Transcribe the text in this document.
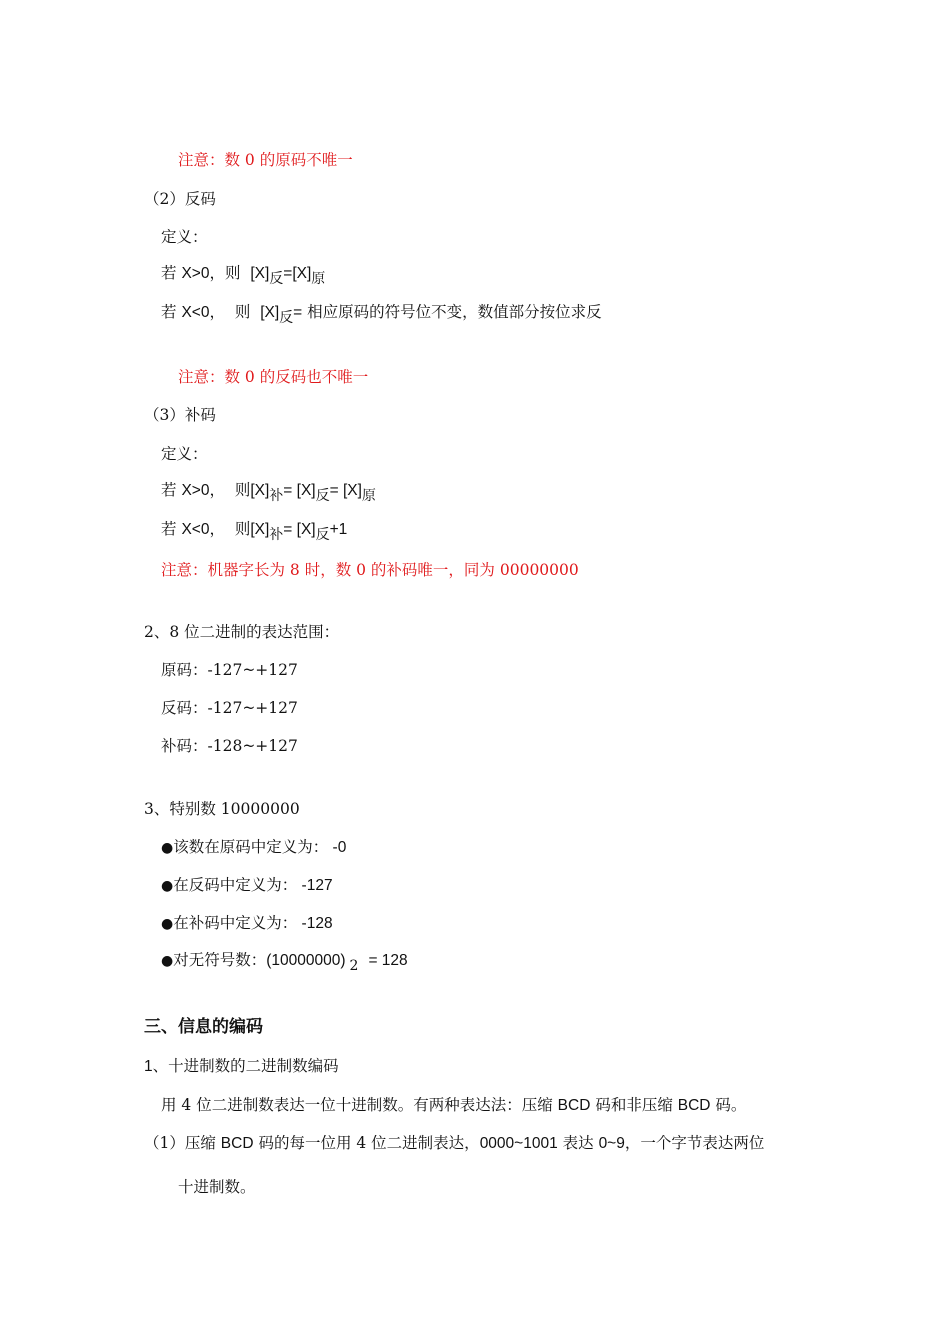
注意：数 0 的原码不唯一
（2）反码
定义：
若 X>0，则 [X]反=[X]原
若 X<0， 则 [X]反= 相应原码的符号位不变，数值部分按位求反
注意：数 0 的反码也不唯一
（3）补码
定义：
若 X>0， 则[X]补= [X]反= [X]原
若 X<0， 则[X]补= [X]反+1
注意：机器字长为 8 时，数 0 的补码唯一，同为 00000000
2、8 位二进制的表达范围：
原码：-127~+127
反码：-127~+127
补码：-128~+127
3、特别数 10000000
●该数在原码中定义为： -0
●在反码中定义为： -127
●在补码中定义为： -128
●对无符号数：(10000000) 2 = 128
三、信息的编码
1、十进制数的二进制数编码
用 4 位二进制数表达一位十进制数。有两种表达法：压缩 BCD 码和非压缩 BCD 码。
（1）压缩 BCD 码的每一位用 4 位二进制表达，0000~1001 表达 0~9，一个字节表达两位
十进制数。
